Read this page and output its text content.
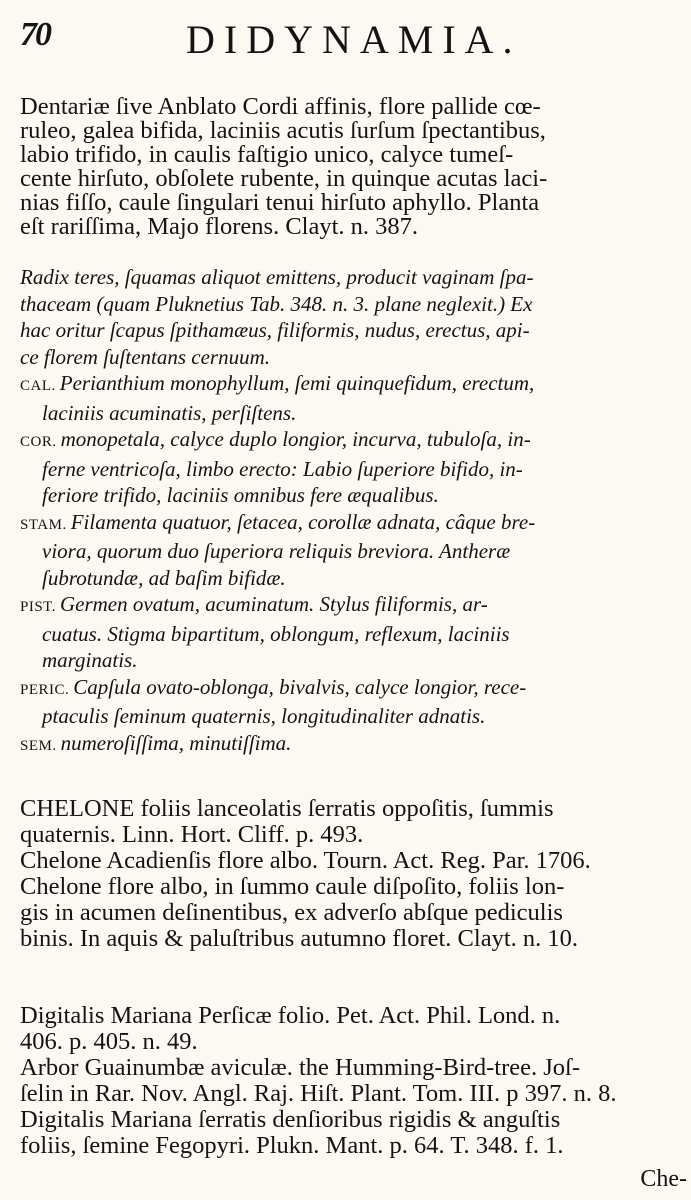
70	DIDYNAMIA.
Dentariæ ſive Anblato Cordi affinis, flore pallide cœ-
ruleo, galea bifida, laciniis acutis ſurſum ſpectantibus,
labio trifido, in caulis faſtigio unico, calyce tumeſ-
cente hirſuto, obſolete rubente, in quinque acutas laci-
nias fiſſo, caule ſingulari tenui hirſuto aphyllo. Planta
eſt rariſſima, Majo florens. Clayt. n. 387.
Radix teres, ſquamas aliquot emittens, producit vaginam ſpa-
thaceam (quam Pluknetius Tab. 348. n. 3. plane neglexit.) Ex
hac oritur ſcapus ſpithamæus, filiformis, nudus, erectus, api-
ce florem ſuſtentans cernuum.
CAL. Perianthium monophyllum, ſemi quinquefidum, erectum,
laciniis acuminatis, perſiſtens.
COR. monopetala, calyce duplo longior, incurva, tubuloſa, in-
ferne ventricoſa, limbo erecto: Labio ſuperiore bifido, in-
feriore trifido, laciniis omnibus fere æqualibus.
STAM. Filamenta quatuor, ſetacea, corollæ adnata, câque bre-
viora, quorum duo ſuperiora reliquis breviora. Antheræ
ſubrotundæ, ad baſim bifidæ.
PIST. Germen ovatum, acuminatum. Stylus filiformis, ar-
cuatus. Stigma bipartitum, oblongum, reflexum, laciniis
marginatis.
PERIC. Capſula ovato-oblonga, bivalvis, calyce longior, rece-
ptaculis ſeminum quaternis, longitudinaliter adnatis.
SEM. numeroſiſſima, minutiſſima.
CHELONE foliis lanceolatis ſerratis oppoſitis, ſummis
quaternis. Linn. Hort. Cliff. p. 493.
Chelone Acadienſis flore albo. Tourn. Act. Reg. Par. 1706.
Chelone flore albo, in ſummo caule diſpoſito, foliis lon-
gis in acumen deſinentibus, ex adverſo abſque pediculis
binis. In aquis & paluſtribus autumno floret. Clayt. n. 10.
Digitalis Mariana Perſicæ folio. Pet. Act. Phil. Lond. n.
406. p. 405. n. 49.
Arbor Guainumbæ aviculæ. the Humming-Bird-tree. Joſ-
ſelin in Rar. Nov. Angl. Raj. Hiſt. Plant. Tom. III. p 397. n. 8.
Digitalis Mariana ſerratis denſioribus rigidis & anguſtis
foliis, ſemine Fegopyri. Plukn. Mant. p. 64. T. 348. f. 1.
Che-
